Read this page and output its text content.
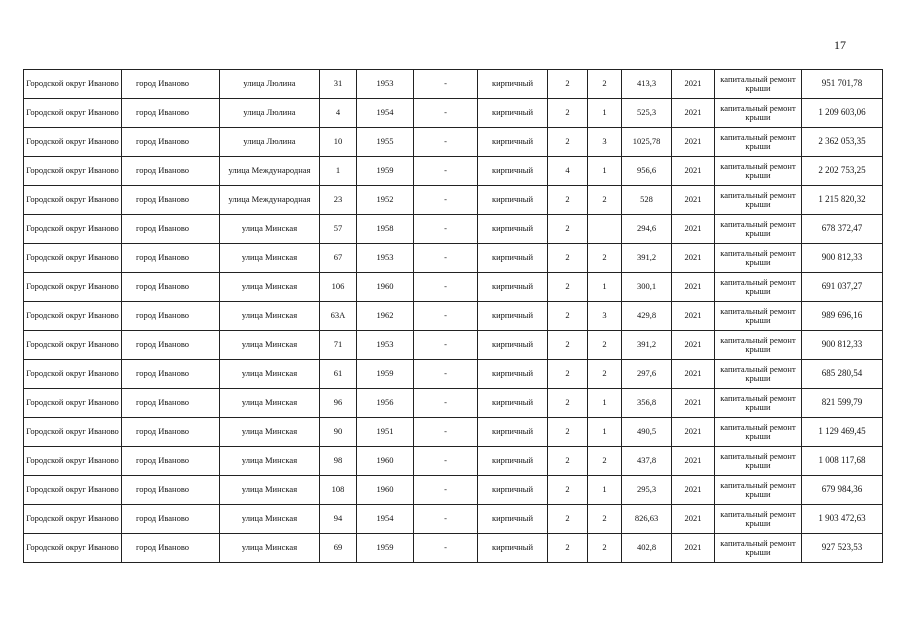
17
Городской округ Иваново	город Иваново	улица Люлина	31	1953	-	кирпичный	2	2	413,3	2021	капитальный ремонт крыши	951 701,78
Городской округ Иваново	город Иваново	улица Люлина	4	1954	-	кирпичный	2	1	525,3	2021	капитальный ремонт крыши	1 209 603,06
Городской округ Иваново	город Иваново	улица Люлина	10	1955	-	кирпичный	2	3	1025,78	2021	капитальный ремонт крыши	2 362 053,35
Городской округ Иваново	город Иваново	улица Международная	1	1959	-	кирпичный	4	1	956,6	2021	капитальный ремонт крыши	2 202 753,25
Городской округ Иваново	город Иваново	улица Международная	23	1952	-	кирпичный	2	2	528	2021	капитальный ремонт крыши	1 215 820,32
Городской округ Иваново	город Иваново	улица Минская	57	1958	-	кирпичный	2		294,6	2021	капитальный ремонт крыши	678 372,47
Городской округ Иваново	город Иваново	улица Минская	67	1953	-	кирпичный	2	2	391,2	2021	капитальный ремонт крыши	900 812,33
Городской округ Иваново	город Иваново	улица Минская	106	1960	-	кирпичный	2	1	300,1	2021	капитальный ремонт крыши	691 037,27
Городской округ Иваново	город Иваново	улица Минская	63А	1962	-	кирпичный	2	3	429,8	2021	капитальный ремонт крыши	989 696,16
Городской округ Иваново	город Иваново	улица Минская	71	1953	-	кирпичный	2	2	391,2	2021	капитальный ремонт крыши	900 812,33
Городской округ Иваново	город Иваново	улица Минская	61	1959	-	кирпичный	2	2	297,6	2021	капитальный ремонт крыши	685 280,54
Городской округ Иваново	город Иваново	улица Минская	96	1956	-	кирпичный	2	1	356,8	2021	капитальный ремонт крыши	821 599,79
Городской округ Иваново	город Иваново	улица Минская	90	1951	-	кирпичный	2	1	490,5	2021	капитальный ремонт крыши	1 129 469,45
Городской округ Иваново	город Иваново	улица Минская	98	1960	-	кирпичный	2	2	437,8	2021	капитальный ремонт крыши	1 008 117,68
Городской округ Иваново	город Иваново	улица Минская	108	1960	-	кирпичный	2	1	295,3	2021	капитальный ремонт крыши	679 984,36
Городской округ Иваново	город Иваново	улица Минская	94	1954	-	кирпичный	2	2	826,63	2021	капитальный ремонт крыши	1 903 472,63
Городской округ Иваново	город Иваново	улица Минская	69	1959	-	кирпичный	2	2	402,8	2021	капитальный ремонт крыши	927 523,53
